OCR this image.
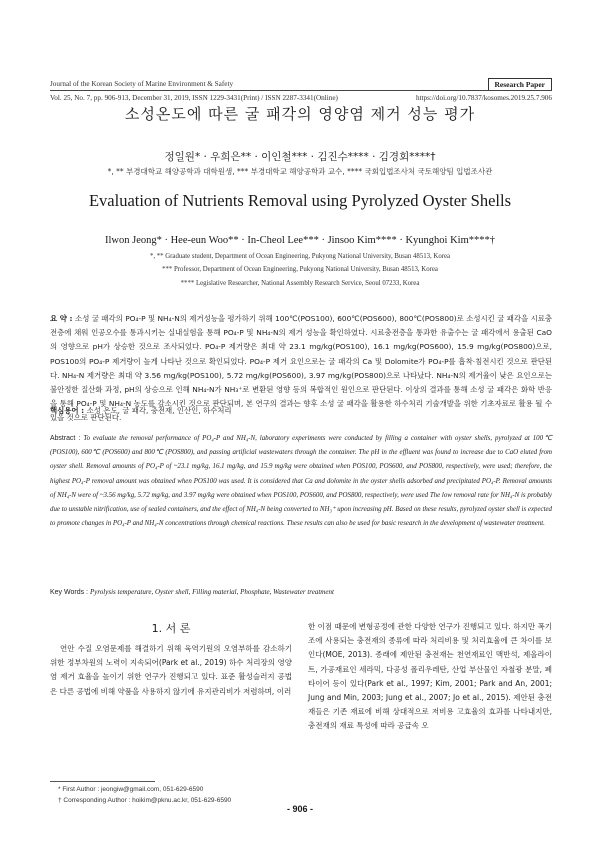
Journal of the Korean Society of Marine Environment & Safety	Research Paper
Vol. 25, No. 7, pp. 906-913, December 31, 2019, ISSN 1229-3431(Print) / ISSN 2287-3341(Online)	https://doi.org/10.7837/kosomes.2019.25.7.906
소성온도에 따른 굴 패각의 영양염 제거 성능 평가
정일원* · 우희은** · 이인철*** · 김진수**** · 김경회****†
*, ** 부경대학교 해양공학과 대학원생, *** 부경대학교 해양공학과 교수, **** 국회입법조사처 국토해양팀 입법조사관
Evaluation of Nutrients Removal using Pyrolyzed Oyster Shells
Ilwon Jeong* · Hee-eun Woo** · In-Cheol Lee*** · Jinsoo Kim**** · Kyunghoi Kim****†
*, ** Graduate student, Department of Ocean Engineering, Pukyong National University, Busan 48513, Korea
*** Professor, Department of Ocean Engineering, Pukyong National University, Busan 48513, Korea
**** Legislative Researcher, National Assembly Research Service, Seoul 07233, Korea
요 약 : 소성 굴 패각의 PO₄-P 및 NH₄-N의 제거성능을 평가하기 위해 100℃(POS100), 600℃(POS600), 800℃(POS800)로 소성시킨 굴 패각을 시료충전층에 채워 인공오수를 통과시키는 실내실험을 통해 PO₄-P 및 NH₄-N의 제거 성능을 확인하였다. 시료충전층을 통과한 유출수는 굴 패각에서 용출된 CaO의 영향으로 pH가 상승한 것으로 조사되었다. PO₄-P 제거량은 최대 약 23.1 mg/kg(POS100), 16.1 mg/kg(POS600), 15.9 mg/kg(POS800)으로, POS100의 PO₄-P 제거량이 높게 나타난 것으로 확인되었다. PO₄-P 제거 요인으로는 굴 패각의 Ca 및 Dolomite가 PO₄-P를 흡착·침전시킨 것으로 판단된다. NH₄-N 제거량은 최대 약 3.56 mg/kg(POS100), 5.72 mg/kg(POS600), 3.97 mg/kg(POS800)으로 나타났다. NH₄-N의 제거율이 낮은 요인으로는 불안정한 질산화 과정, pH의 상승으로 인해 NH₄-N가 NH₃⁺로 변환된 영향 등의 복합적인 원인으로 판단된다. 이상의 결과를 통해 소성 굴 패각은 화학 반응을 통해 PO₄-P 및 NH₄-N 농도를 감소시킨 것으로 판단되며, 본 연구의 결과는 향후 소성 굴 패각을 활용한 하수처리 기술개발을 위한 기초자료로 활용 될 수 있을 것으로 판단된다.
핵심용어 : 소성 온도, 굴 패각, 충전재, 인산인, 하수처리
Abstract : To evaluate the removal performance of PO₄-P and NH₄-N, laboratory experiments were conducted by filling a container with oyster shells, pyrolyzed at 100℃ (POS100), 600℃ (POS600) and 800℃ (POS800), and passing artificial wastewaters through the container. The pH in the effluent was found to increase due to CaO eluted from oyster shell. Removal amounts of PO₄-P of ~23.1 mg/kg, 16.1 mg/kg, and 15.9 mg/kg were obtained when POS100, POS600, and POS800, respectively, were used; therefore, the highest PO₄-P removal amount was obtained when POS100 was used. It is considered that Ca and dolomite in the oyster shells adsorbed and precipitated PO₄-P. Removal amounts of NH₄-N were of ~3.56 mg/kg, 5.72 mg/kg, and 3.97 mg/kg were obtained when POS100, POS600, and POS800, respectively, were used The low removal rate for NH₄-N is probably due to unstable nitrification, use of sealed containers, and the effect of NH₄-N being converted to NH₃⁺ upon increasing pH. Based on these results, pyrolyzed oyster shell is expected to promote changes in PO₄-P and NH₄-N concentrations through chemical reactions. These results can also be used for basic research in the development of wastewater treatment.
Key Words : Pyrolysis temperature, Oyster shell, Filling material, Phosphate, Wastewater treatment
1. 서 론
연안 수질 오염문제를 해결하기 위해 육역기원의 오염부하를 감소하기 위한 정부차원의 노력이 지속되어(Park et al., 2019) 하수 처리장의 영양염 제거 효율을 높이기 위한 연구가 진행되고 있다. 표준 활성슬러지 공법은 다른 공법에 비해 약품을 사용하지 않기에 유지관리비가 저렴하며, 이러
한 이점 때문에 변형공정에 관한 다양한 연구가 진행되고 있다. 하지만 폭기조에 사용되는 충전재의 종류에 따라 처리비용 및 처리효율에 큰 차이를 보인다(MOE, 2013). 종래에 제안된 충전재는 천연재료인 맥반석, 제올라이트, 가공재료인 세라믹, 다공성 폴리우레탄, 산업 부산물인 자철광 분말, 폐타이어 등이 있다(Park et al., 1997; Kim, 2001; Park and An, 2001; Jung and Min, 2003; Jung et al., 2007; Jo et al., 2015). 제안된 충전재들은 기존 재료에 비해 상대적으로 저비용 고효율의 효과를 나타내지만, 충전재의 재료 특성에 따라 공급속 오
* First Author : jeongiw@gmail.com, 051-629-6590
† Corresponding Author : hoikim@pknu.ac.kr, 051-629-6590
- 906 -
